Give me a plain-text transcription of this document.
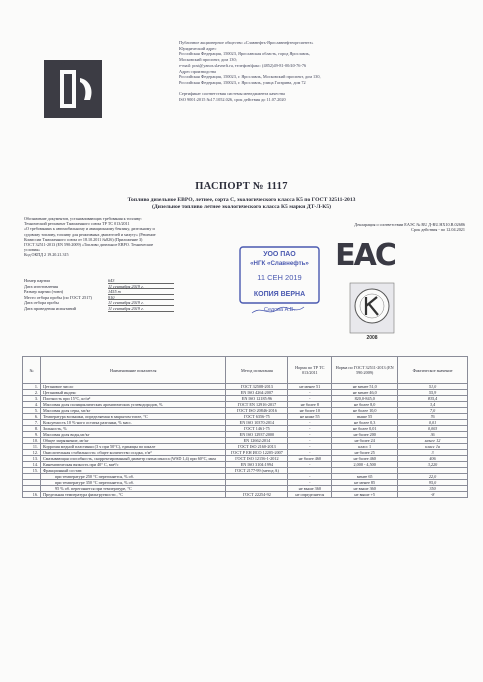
Публичное акционерное общество «Славнефть-Ярославнефтеоргсинтез»
Юридический адрес
Российская Федерация, 150023, Ярославская область, город Ярославль,
Московский проспект, дом 130;
e-mail: post@yanos.slavneft.ru, телефон/факс: (4852)49-81-00/40-76-76
Адрес производства
Российская Федерация, 150023, г. Ярославль, Московский проспект, дом 130,
Российская Федерация, 150023, г. Ярославль, улица Гагарина, дом 72
Сертификат соответствия системы менеджмента качества
ISO 9001:2015 №17.1052.026, срок действия до 11.07.2020
ПАСПОРТ № 1117
Топливо дизельное ЕВРО, летнее, сорта С, экологического класса К5 по ГОСТ 32511-2013
(Дизельное топливо летнее экологического класса К5 марки ДТ-Л-К5)
Обозначение документов, устанавливающих требования к топливу:
Технический регламент Таможенного союза ТР ТС 013/2011
«О требованиях к автомобильному и авиационному бензину, дизельному и
судовому топливу, топливу для реактивных двигателей и мазуту» (Решение
Комиссии Таможенного союза от 18.10.2011 №826) (Приложение 3)
ГОСТ 32511-2013 (EN 590:2009) «Топливо дизельное ЕВРО. Технические
условия»
Код ОКПД 2 19.20.21.315
Декларация о соответствии ЕАЭС № RU Д-RU.HX10.В.02686
Срок действия - по 12.04.2021
УОО ПАО
«НГК «Славнефть»
11 СЕН 2019
КОПИЯ ВЕРНА
Седова А.В.
ЕАС
2008
Номер партии	643
Дата изготовления	11 сентября 2019 г.
Размер партии (тонн)	1455 т
Место отбора пробы (по ГОСТ 2517)	910
Дата отбора пробы	11 сентября 2019 г.
Дата проведения испытаний	11 сентября 2019 г.
№	Наименование показателя	Метод испытания	Норма по ТР ТС 013/2011	Норма по ГОСТ 32511-2013 (EN 590:2009)	Фактическое значение
1.	Цетановое число	ГОСТ 32508-2013	не менее 51	не менее 51,0	51,0
2.	Цетановый индекс	EN ISO 4264:2007	-	не менее 46,0	55,9
3.	Плотность при 15°С, кг/м³	EN ISO 12185:96	-	820,0-845,0	835,4
4.	Массовая доля полициклических ароматических углеводородов, %	ГОСТ EN 12916-2017	не более 8	не более 8,0	3,4
5.	Массовая доля серы, мг/кг	ГОСТ ISO 20846-2016	не более 10	не более 10,0	7,0
6.	Температура вспышки, определяемая в закрытом тигле, °С	ГОСТ 6356-75	не ниже 55	выше 55	76
7.	Коксуемость 10 %-ного остатка разгонки, % масс.	EN ISO 10370:2014	-	не более 0,3	0,01
8.	Зольность, %	ГОСТ 1461-75	-	не более 0,01	0,003
9.	Массовая доля воды,мг/кг	EN ISO 12937:2000	-	не более 200	36
10.	Общее загрязнение, мг/кг	EN 12662:2014	-	не более 24	менее 12
11.	Коррозия медной пластинки (3 ч при 50°С), единицы по шкале	ГОСТ ISO 2160-2013	-	класс 1	класс 1а
12.	Окислительная стабильность: общее количество осадка, г/м³	ГОСТ Р ЕН ИСО 12205-2007	-	не более 25	3
13.	Смазывающая способность, скорректированный диаметр пятна износа (WSD 1,4) при 60°С, мкм	ГОСТ ISO 12156-1-2012	не более 460	не более 460	406
14.	Кинематическая вязкость при 40° С, мм²/с	EN ISO 3104:1994	-	2,000 - 4,500	3,220
15.	Фракционный состав:	ГОСТ 2177-99 (метод А)			
	при температуре 250 °С перегоняется, % об.		-	менее 65	22,0
	при температуре 350 °С перегоняется, % об.		-	не менее 85	95,0
	95 % об. перегоняется при температуре, °С		не выше 360	не выше 360	350
16.	Предельная температура фильтруемости , °С	ГОСТ 22254-92	не определяется	не выше +5	-8
